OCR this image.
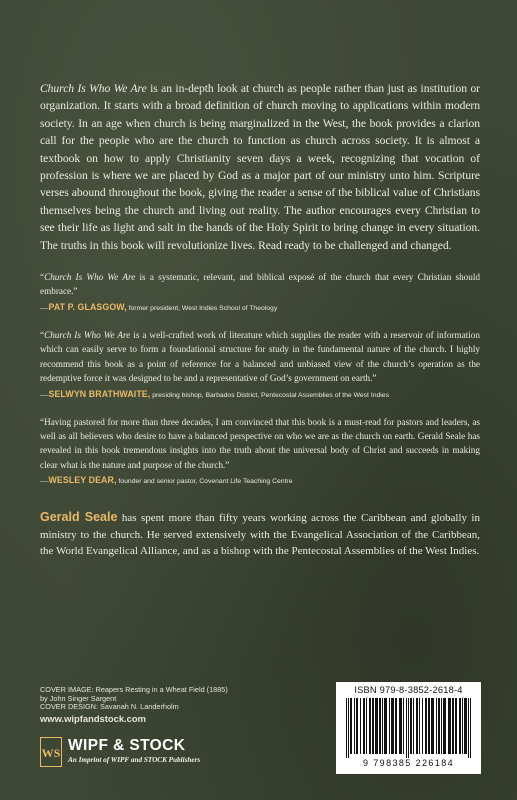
Church Is Who We Are is an in-depth look at church as people rather than just as institution or organization. It starts with a broad definition of church moving to applications within modern society. In an age when church is being marginalized in the West, the book provides a clarion call for the people who are the church to function as church across society. It is almost a textbook on how to apply Christianity seven days a week, recognizing that vocation of profession is where we are placed by God as a major part of our ministry unto him. Scripture verses abound throughout the book, giving the reader a sense of the biblical value of Christians themselves being the church and living out reality. The author encourages every Christian to see their life as light and salt in the hands of the Holy Spirit to bring change in every situation. The truths in this book will revolutionize lives. Read ready to be challenged and changed.

“Church Is Who We Are is a systematic, relevant, and biblical exposé of the church that every Christian should embrace.”

—PAT P. GLASGOW, former president, West Indies School of Theology

“Church Is Who We Are is a well-crafted work of literature which supplies the reader with a reservoir of information which can easily serve to form a foundational structure for study in the fundamental nature of the church. I highly recommend this book as a point of reference for a balanced and unbiased view of the church’s operation as the redemptive force it was designed to be and a representative of God’s government on earth.”

—SELWYN BRATHWAITE, presiding bishop, Barbados District, Pentecostal Assemblies of the West Indies

“Having pastored for more than three decades, I am convinced that this book is a must-read for pastors and leaders, as well as all believers who desire to have a balanced perspective on who we are as the church on earth. Gerald Seale has revealed in this book tremendous insights into the truth about the universal body of Christ and succeeds in making clear what is the nature and purpose of the church.”

—WESLEY DEAR, founder and senior pastor, Covenant Life Teaching Centre

Gerald Seale has spent more than fifty years working across the Caribbean and globally in ministry to the church. He served extensively with the Evangelical Association of the Caribbean, the World Evangelical Alliance, and as a bishop with the Pentecostal Assemblies of the West Indies.

COVER IMAGE: Reapers Resting in a Wheat Field (1885)
by John Singer Sargent
COVER DESIGN: Savanah N. Landerholm
www.wipfandstock.com
WS WIPF & STOCK
An Imprint of WIPF and STOCK Publishers
ISBN 979-8-3852-2618-4
9 798385 226184
